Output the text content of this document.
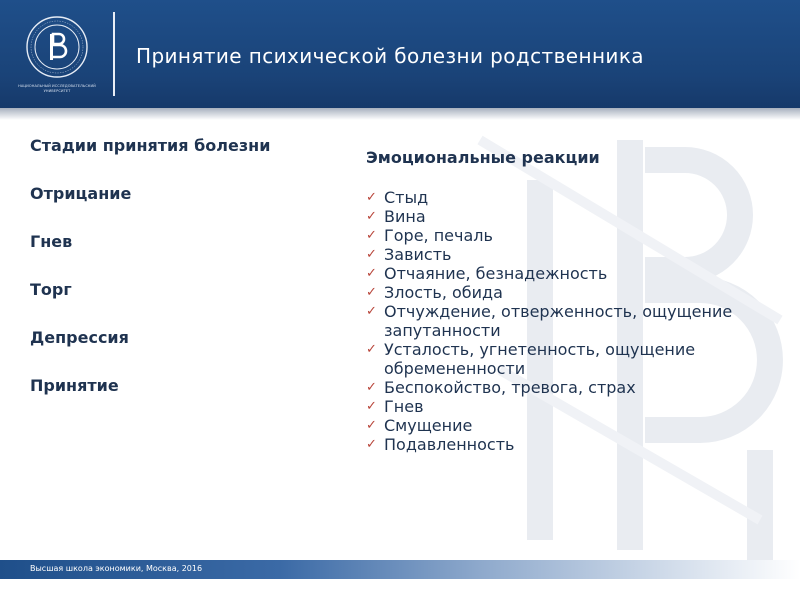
НАЦИОНАЛЬНЫЙ ИССЛЕДОВАТЕЛЬСКИЙ УНИВЕРСИТЕТ
Принятие психической болезни родственника
Стадии принятия болезни
Отрицание
Гнев
Торг
Депрессия
Принятие
Эмоциональные реакции
✓ Стыд
✓ Вина
✓ Горе, печаль
✓ Зависть
✓ Отчаяние, безнадежность
✓ Злость, обида
✓ Отчуждение, отверженность, ощущение запутанности
✓ Усталость, угнетенность, ощущение обремененности
✓ Беспокойство, тревога, страх
✓ Гнев
✓ Смущение
✓ Подавленность
Высшая школа экономики, Москва, 2016
